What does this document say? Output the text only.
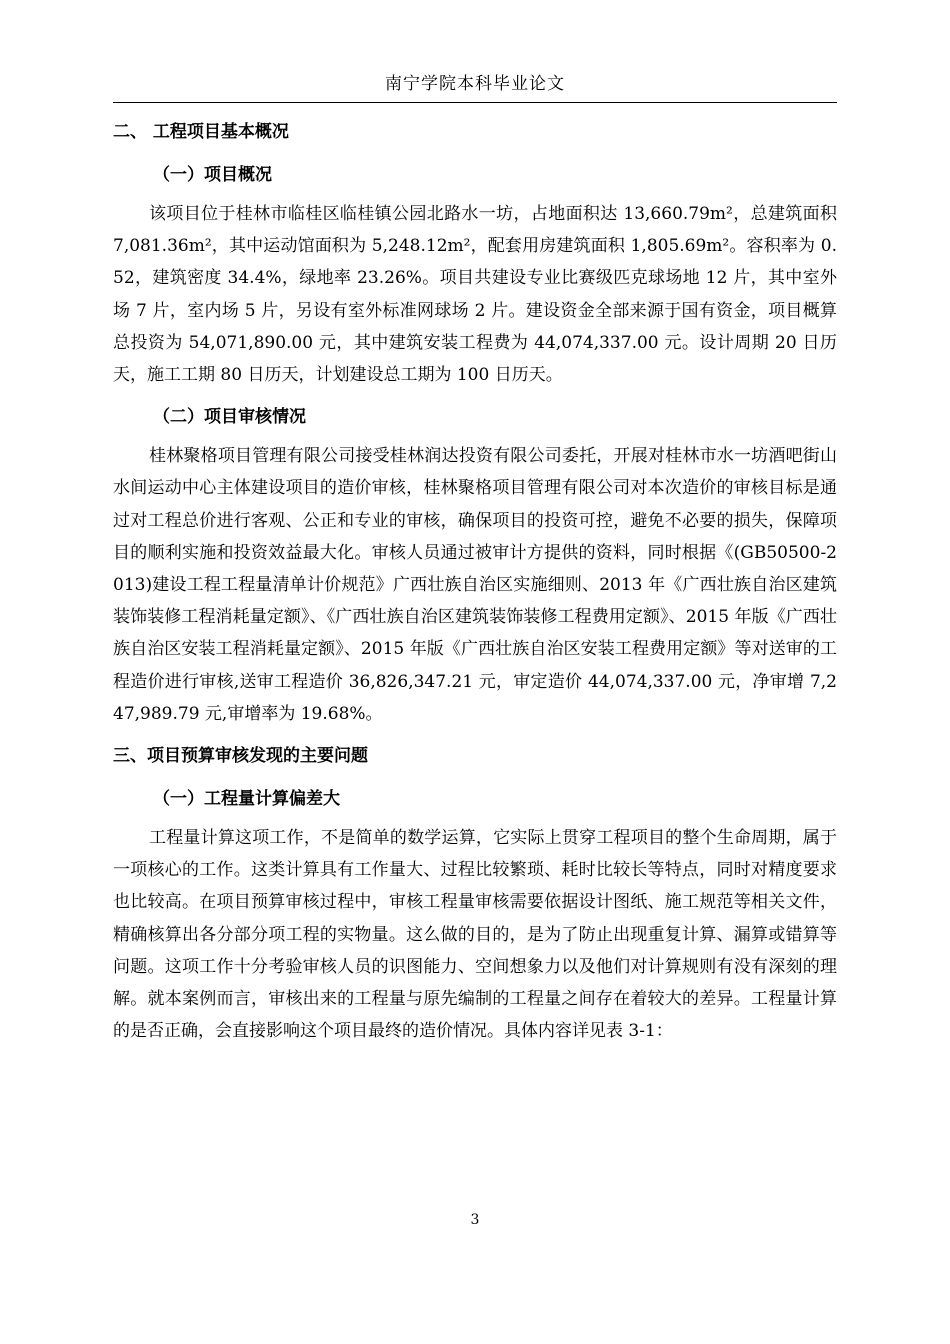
南宁学院本科毕业论文

二、 工程项目基本概况

（一）项目概况

该项目位于桂林市临桂区临桂镇公园北路水一坊，占地面积达 13,660.79m²，总建筑面积 7,081.36m²，其中运动馆面积为 5,248.12m²，配套用房建筑面积 1,805.69m²。容积率为 0.52，建筑密度 34.4%，绿地率 23.26%。项目共建设专业比赛级匹克球场地 12 片，其中室外场 7 片，室内场 5 片，另设有室外标准网球场 2 片。建设资金全部来源于国有资金，项目概算总投资为 54,071,890.00 元，其中建筑安装工程费为 44,074,337.00 元。设计周期 20 日历天，施工工期 80 日历天，计划建设总工期为 100 日历天。

（二）项目审核情况

桂林聚格项目管理有限公司接受桂林润达投资有限公司委托，开展对桂林市水一坊酒吧街山水间运动中心主体建设项目的造价审核，桂林聚格项目管理有限公司对本次造价的审核目标是通过对工程总价进行客观、公正和专业的审核，确保项目的投资可控，避免不必要的损失，保障项目的顺利实施和投资效益最大化。审核人员通过被审计方提供的资料，同时根据《(GB50500-2013)建设工程工程量清单计价规范》广西壮族自治区实施细则、2013 年《广西壮族自治区建筑装饰装修工程消耗量定额》、《广西壮族自治区建筑装饰装修工程费用定额》、2015 年版《广西壮族自治区安装工程消耗量定额》、2015 年版《广西壮族自治区安装工程费用定额》等对送审的工程造价进行审核,送审工程造价 36,826,347.21 元，审定造价 44,074,337.00 元，净审增 7,247,989.79 元,审增率为 19.68%。

三、项目预算审核发现的主要问题

（一）工程量计算偏差大

工程量计算这项工作，不是简单的数学运算，它实际上贯穿工程项目的整个生命周期，属于一项核心的工作。这类计算具有工作量大、过程比较繁琐、耗时比较长等特点，同时对精度要求也比较高。在项目预算审核过程中，审核工程量审核需要依据设计图纸、施工规范等相关文件，精确核算出各分部分项工程的实物量。这么做的目的，是为了防止出现重复计算、漏算或错算等问题。这项工作十分考验审核人员的识图能力、空间想象力以及他们对计算规则有没有深刻的理解。就本案例而言，审核出来的工程量与原先编制的工程量之间存在着较大的差异。工程量计算的是否正确，会直接影响这个项目最终的造价情况。具体内容详见表 3-1：

3
